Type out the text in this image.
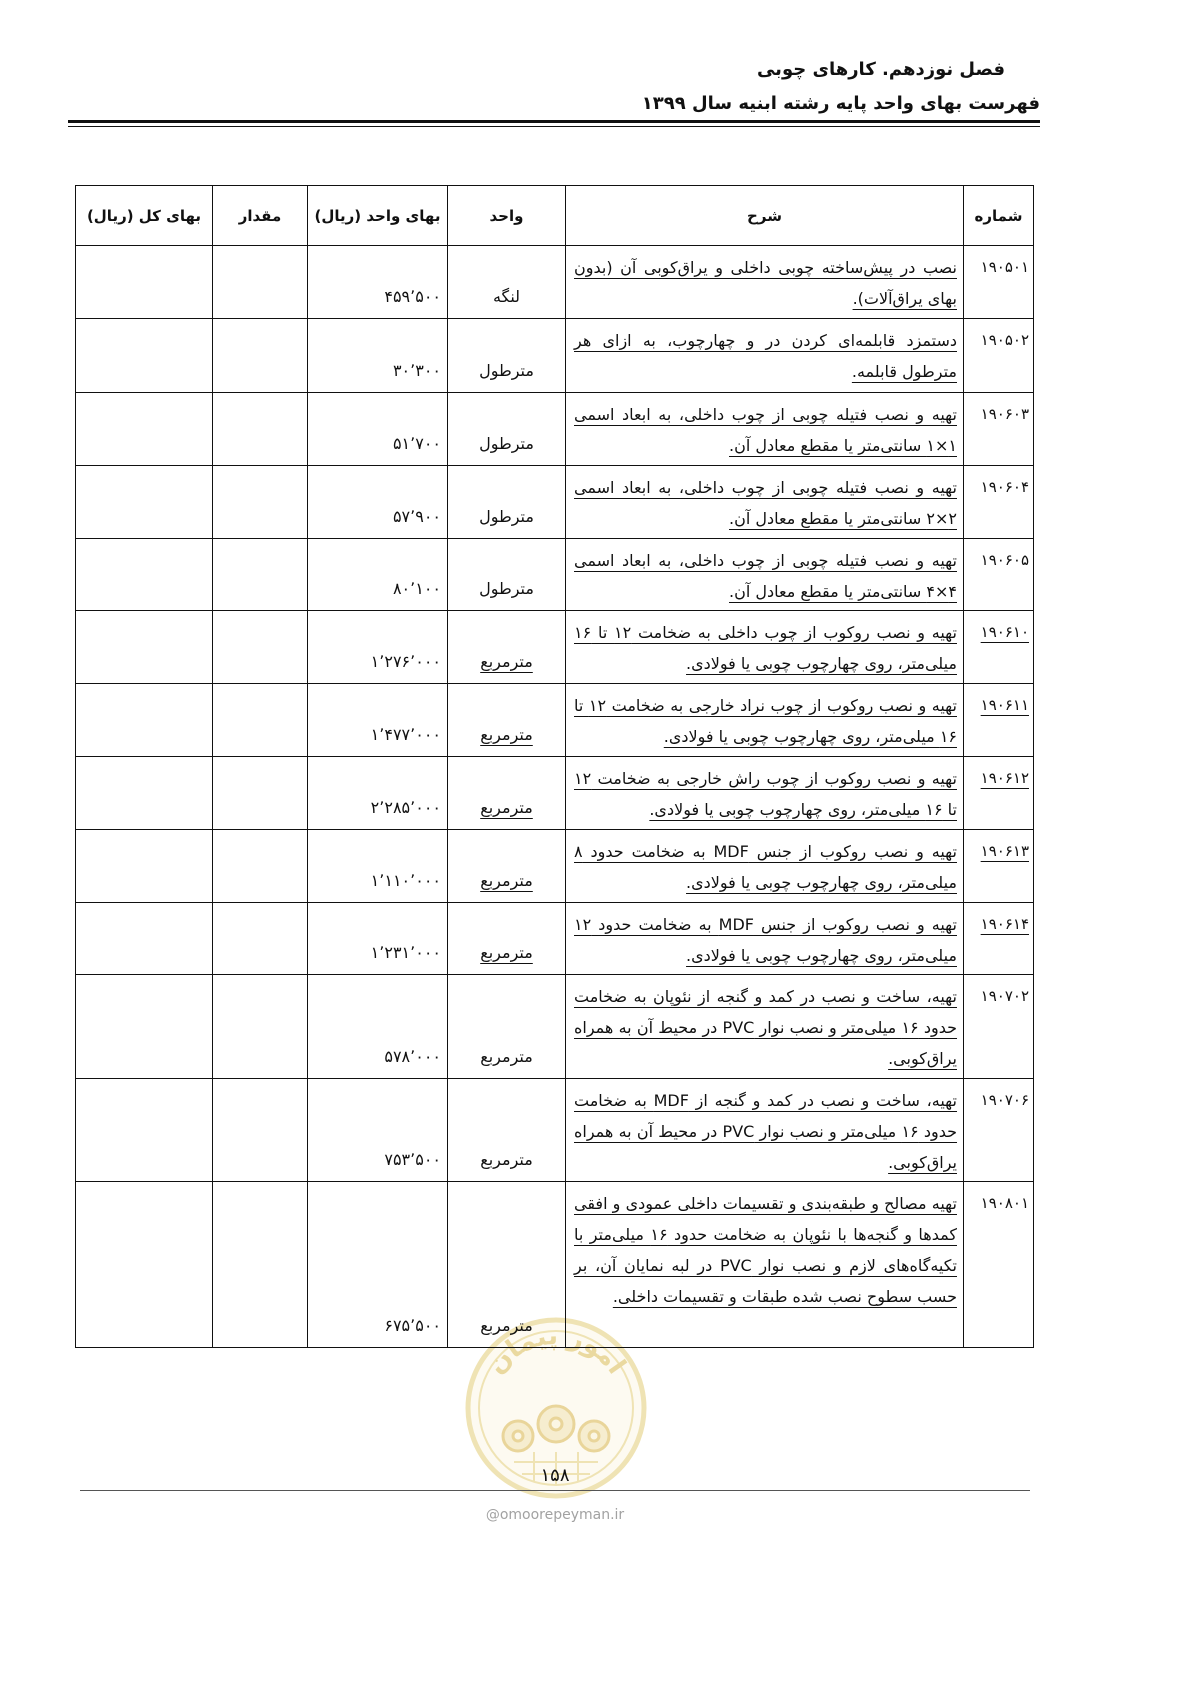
فصل نوزدهم. کارهای چوبی
فهرست بهای واحد پایه رشته ابنیه سال ۱۳۹۹
امور پیمان
شماره	شرح	واحد	بهای واحد (ریال)	مقدار	بهای کل (ریال)
۱۹۰۵۰۱	نصب در پیش‌ساخته چوبی داخلی و یراق‌کوبی آن (بدون بهای یراق‌آلات).	لنگه	۴۵۹٬۵۰۰		
۱۹۰۵۰۲	دستمزد قابلمه‌ای کردن در و چهارچوب، به ازای هر مترطول قابلمه.	مترطول	۳۰٬۳۰۰		
۱۹۰۶۰۳	تهیه و نصب فتیله چوبی از چوب داخلی، به ابعاد اسمی ۱×۱ سانتی‌متر یا مقطع معادل آن.	مترطول	۵۱٬۷۰۰		
۱۹۰۶۰۴	تهیه و نصب فتیله چوبی از چوب داخلی، به ابعاد اسمی ۲×۲ سانتی‌متر یا مقطع معادل آن.	مترطول	۵۷٬۹۰۰		
۱۹۰۶۰۵	تهیه و نصب فتیله چوبی از چوب داخلی، به ابعاد اسمی ۴×۴ سانتی‌متر یا مقطع معادل آن.	مترطول	۸۰٬۱۰۰		
۱۹۰۶۱۰	تهیه و نصب روکوب از چوب داخلی به ضخامت ۱۲ تا ۱۶ میلی‌متر، روی چهارچوب چوبی یا فولادی.	مترمربع	۱٬۲۷۶٬۰۰۰		
۱۹۰۶۱۱	تهیه و نصب روکوب از چوب نراد خارجی به ضخامت ۱۲ تا ۱۶ میلی‌متر، روی چهارچوب چوبی یا فولادی.	مترمربع	۱٬۴۷۷٬۰۰۰		
۱۹۰۶۱۲	تهیه و نصب روکوب از چوب راش خارجی به ضخامت ۱۲ تا ۱۶ میلی‌متر، روی چهارچوب چوبی یا فولادی.	مترمربع	۲٬۲۸۵٬۰۰۰		
۱۹۰۶۱۳	تهیه و نصب روکوب از جنس MDF به ضخامت حدود ۸ میلی‌متر، روی چهارچوب چوبی یا فولادی.	مترمربع	۱٬۱۱۰٬۰۰۰		
۱۹۰۶۱۴	تهیه و نصب روکوب از جنس MDF به ضخامت حدود ۱۲ میلی‌متر، روی چهارچوب چوبی یا فولادی.	مترمربع	۱٬۲۳۱٬۰۰۰		
۱۹۰۷۰۲	تهیه، ساخت و نصب در کمد و گنجه از نئوپان به ضخامت حدود ۱۶ میلی‌متر و نصب نوار PVC در محیط آن به همراه یراق‌کوبی.	مترمربع	۵۷۸٬۰۰۰		
۱۹۰۷۰۶	تهیه، ساخت و نصب در کمد و گنجه از MDF به ضخامت حدود ۱۶ میلی‌متر و نصب نوار PVC در محیط آن به همراه یراق‌کوبی.	مترمربع	۷۵۳٬۵۰۰		
۱۹۰۸۰۱	تهیه مصالح و طبقه‌بندی و تقسیمات داخلی عمودی و افقی کمدها و گنجه‌ها با نئوپان به ضخامت حدود ۱۶ میلی‌متر با تکیه‌گاه‌های لازم و نصب نوار PVC در لبه نمایان آن، بر حسب سطوح نصب شده طبقات و تقسیمات داخلی.	مترمربع	۶۷۵٬۵۰۰		
۱۵۸
@omoorepeyman.ir
